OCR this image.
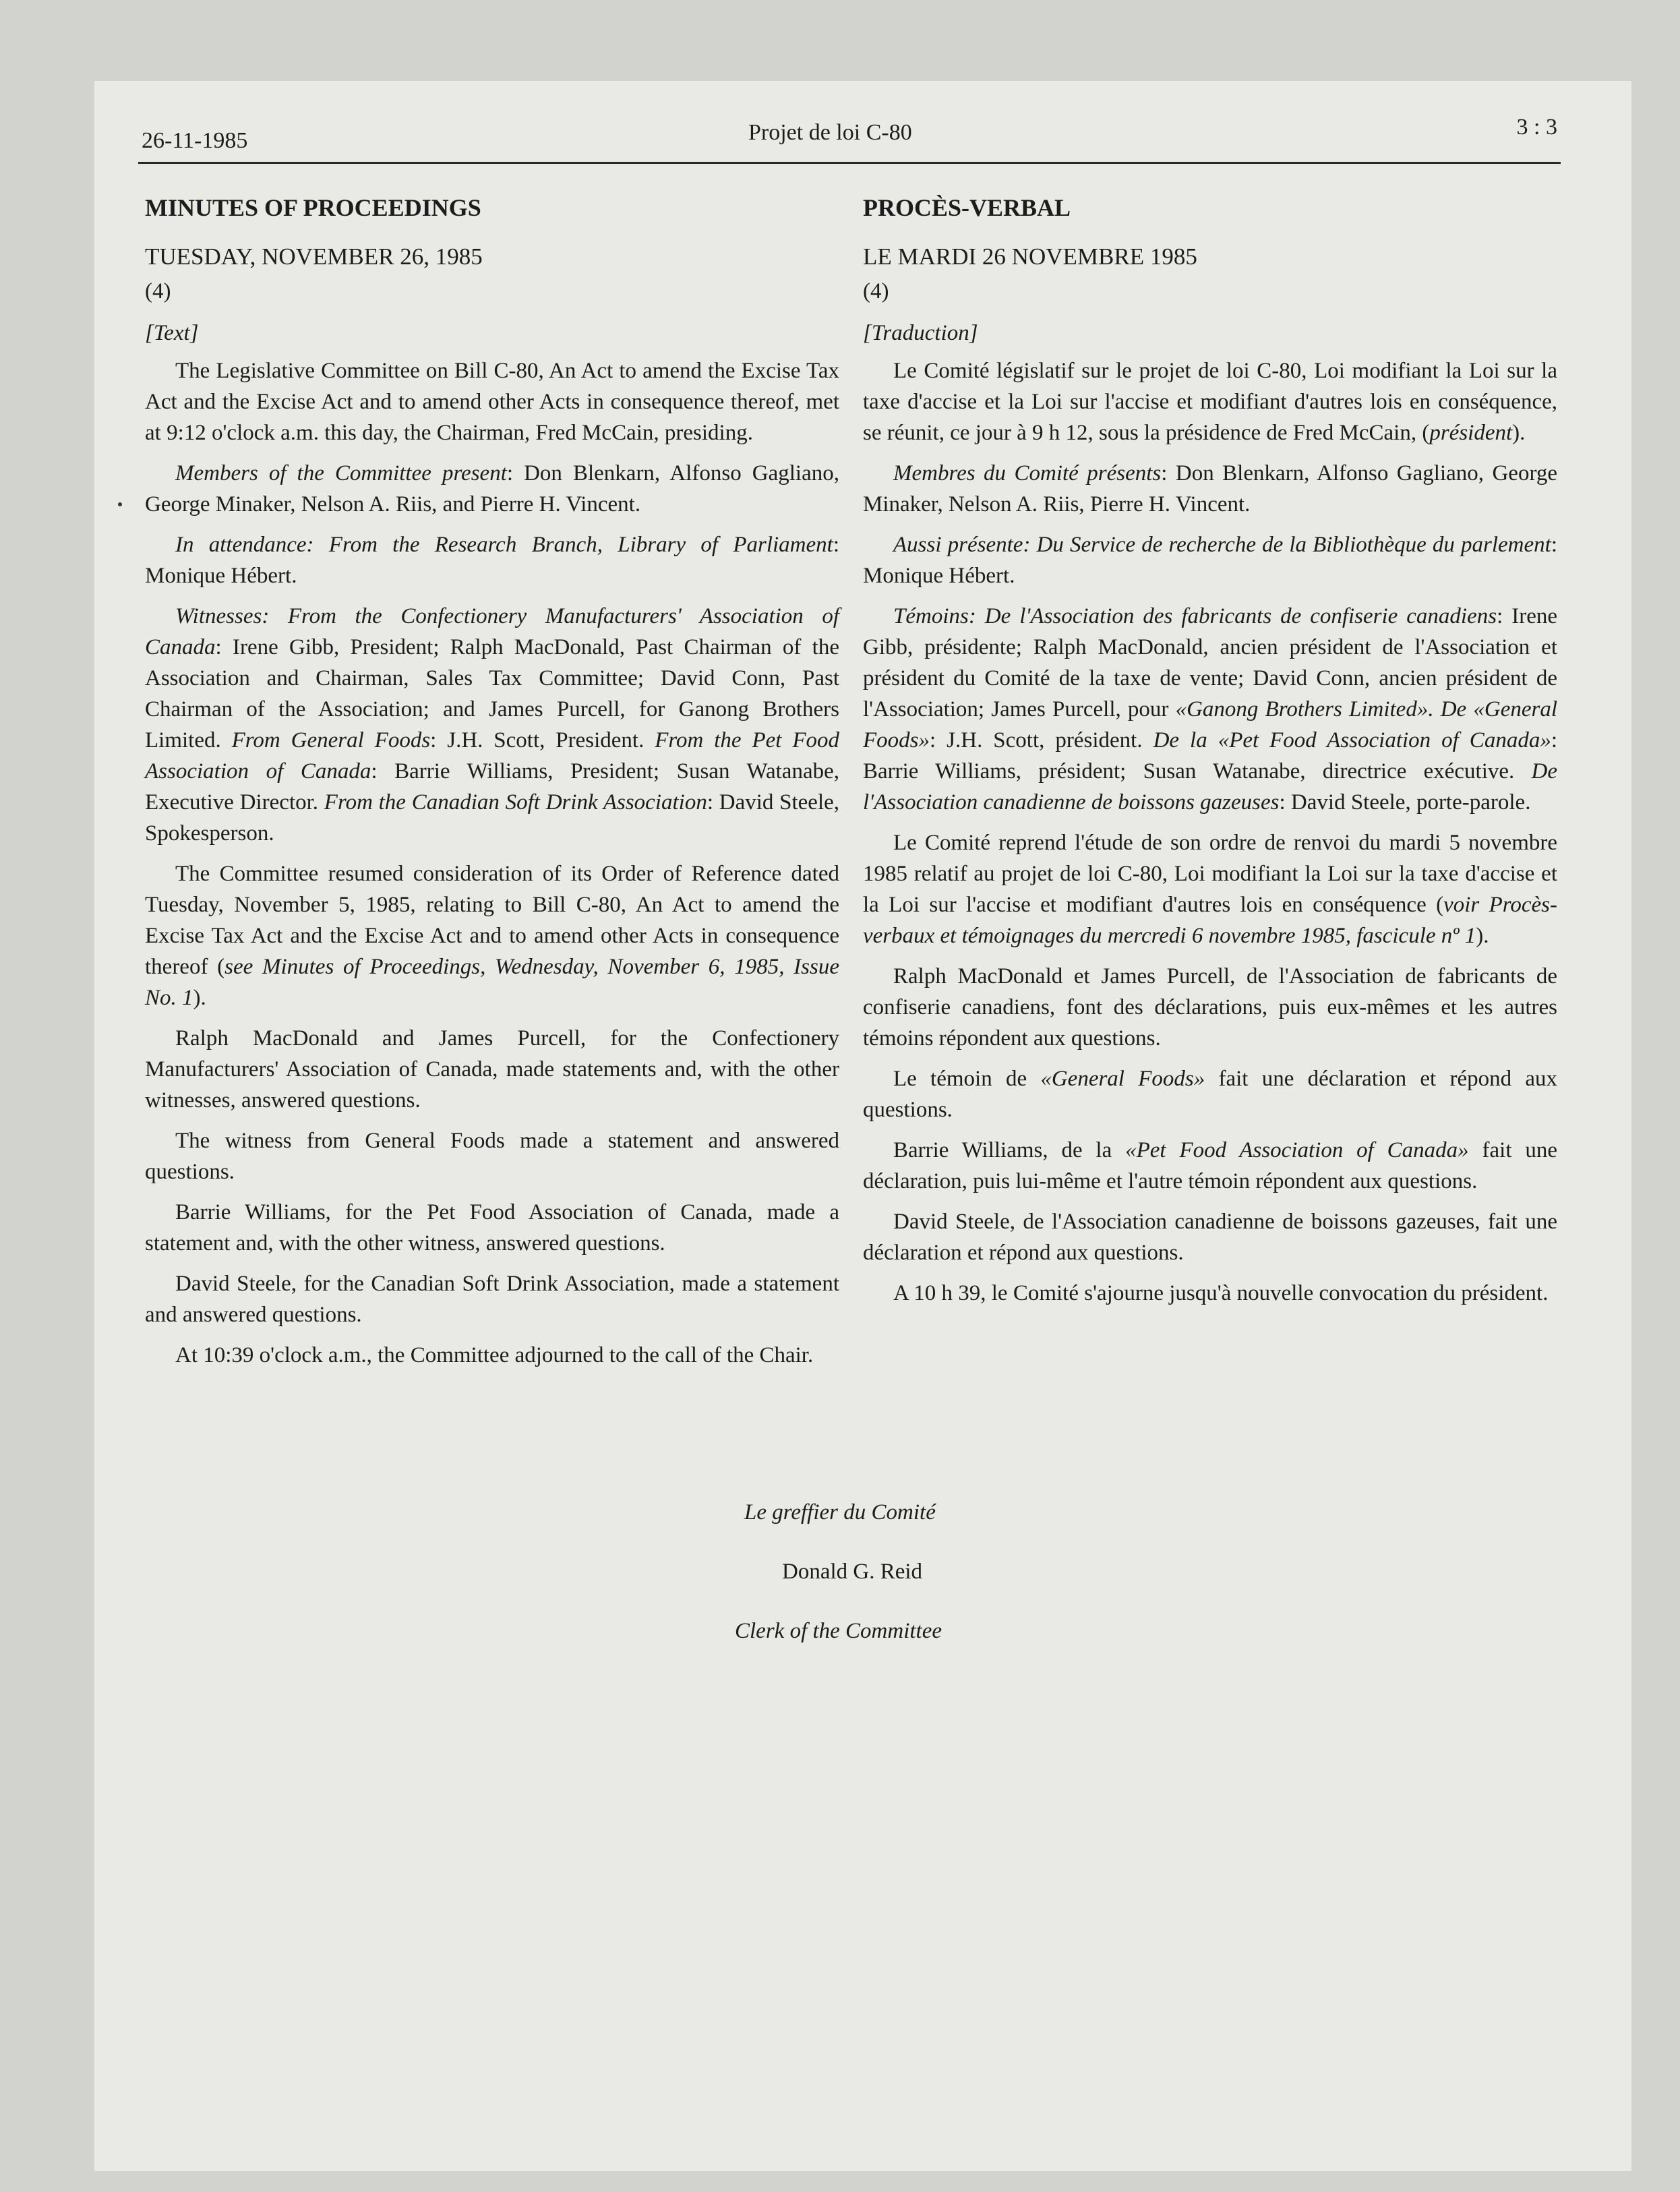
26-11-1985	Projet de loi C-80	3 : 3

MINUTES OF PROCEEDINGS

TUESDAY, NOVEMBER 26, 1985

(4)

[Text]

The Legislative Committee on Bill C-80, An Act to amend the Excise Tax Act and the Excise Act and to amend other Acts in consequence thereof, met at 9:12 o'clock a.m. this day, the Chairman, Fred McCain, presiding.

Members of the Committee present: Don Blenkarn, Alfonso Gagliano, George Minaker, Nelson A. Riis, and Pierre H. Vincent.

In attendance: From the Research Branch, Library of Parliament: Monique Hébert.

Witnesses: From the Confectionery Manufacturers' Association of Canada: Irene Gibb, President; Ralph MacDonald, Past Chairman of the Association and Chairman, Sales Tax Committee; David Conn, Past Chairman of the Association; and James Purcell, for Ganong Brothers Limited. From General Foods: J.H. Scott, President. From the Pet Food Association of Canada: Barrie Williams, President; Susan Watanabe, Executive Director. From the Canadian Soft Drink Association: David Steele, Spokesperson.

The Committee resumed consideration of its Order of Reference dated Tuesday, November 5, 1985, relating to Bill C-80, An Act to amend the Excise Tax Act and the Excise Act and to amend other Acts in consequence thereof (see Minutes of Proceedings, Wednesday, November 6, 1985, Issue No. 1).

Ralph MacDonald and James Purcell, for the Confectionery Manufacturers' Association of Canada, made statements and, with the other witnesses, answered questions.

The witness from General Foods made a statement and answered questions.

Barrie Williams, for the Pet Food Association of Canada, made a statement and, with the other witness, answered questions.

David Steele, for the Canadian Soft Drink Association, made a statement and answered questions.

At 10:39 o'clock a.m., the Committee adjourned to the call of the Chair.

PROCÈS-VERBAL

LE MARDI 26 NOVEMBRE 1985

(4)

[Traduction]

Le Comité législatif sur le projet de loi C-80, Loi modifiant la Loi sur la taxe d'accise et la Loi sur l'accise et modifiant d'autres lois en conséquence, se réunit, ce jour à 9 h 12, sous la présidence de Fred McCain, (président).

Membres du Comité présents: Don Blenkarn, Alfonso Gagliano, George Minaker, Nelson A. Riis, Pierre H. Vincent.

Aussi présente: Du Service de recherche de la Bibliothèque du parlement: Monique Hébert.

Témoins: De l'Association des fabricants de confiserie canadiens: Irene Gibb, présidente; Ralph MacDonald, ancien président de l'Association et président du Comité de la taxe de vente; David Conn, ancien président de l'Association; James Purcell, pour «Ganong Brothers Limited». De «General Foods»: J.H. Scott, président. De la «Pet Food Association of Canada»: Barrie Williams, président; Susan Watanabe, directrice exécutive. De l'Association canadienne de boissons gazeuses: David Steele, porte-parole.

Le Comité reprend l'étude de son ordre de renvoi du mardi 5 novembre 1985 relatif au projet de loi C-80, Loi modifiant la Loi sur la taxe d'accise et la Loi sur l'accise et modifiant d'autres lois en conséquence (voir Procès-verbaux et témoignages du mercredi 6 novembre 1985, fascicule nº 1).

Ralph MacDonald et James Purcell, de l'Association de fabricants de confiserie canadiens, font des déclarations, puis eux-mêmes et les autres témoins répondent aux questions.

Le témoin de «General Foods» fait une déclaration et répond aux questions.

Barrie Williams, de la «Pet Food Association of Canada» fait une déclaration, puis lui-même et l'autre témoin répondent aux questions.

David Steele, de l'Association canadienne de boissons gazeuses, fait une déclaration et répond aux questions.

A 10 h 39, le Comité s'ajourne jusqu'à nouvelle convocation du président.

Le greffier du Comité
Donald G. Reid
Clerk of the Committee
